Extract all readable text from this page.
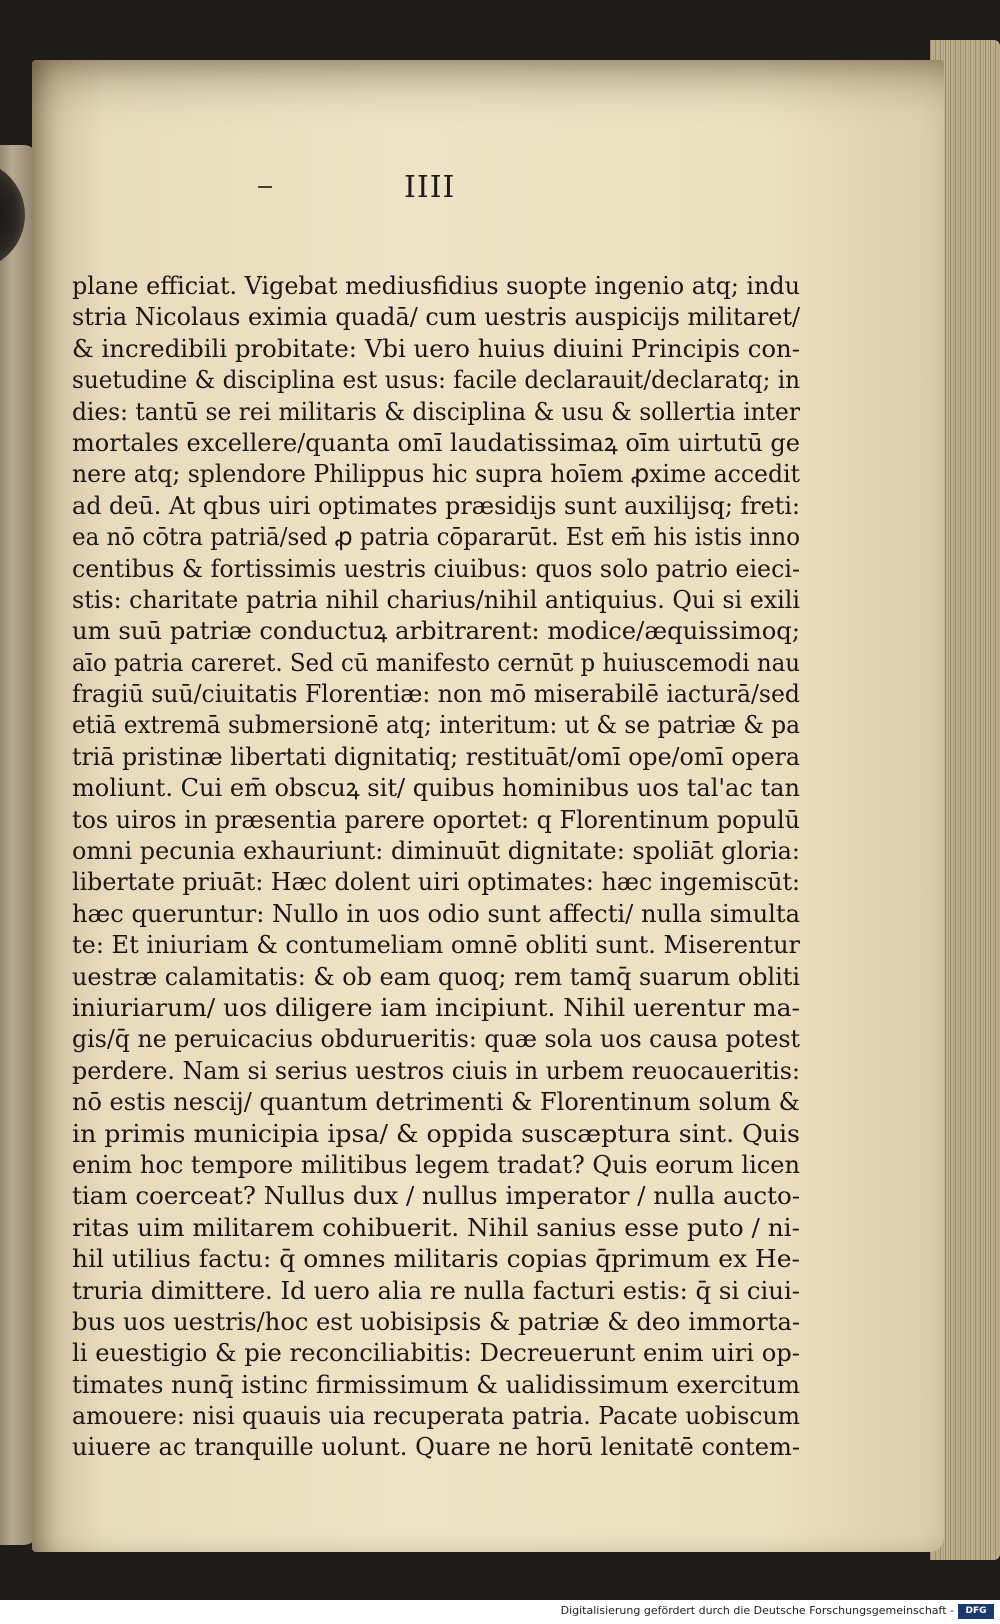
IIII
plane efficiat. Vigebat mediusfidius suopte ingenio atq; indu
stria Nicolaus eximia quadā/ cum uestris auspicijs militaret/
& incredibili probitate: Vbi uero huius diuini Principis con-
suetudine & disciplina est usus: facile declarauit/declaratq; in
dies: tantū se rei militaris & disciplina & usu & sollertia inter
mortales excellere/quanta omī laudatissimaꝝ oīm uirtutū ge
nere atq; splendore Philippus hic supra hoīem ꝓxime accedit
ad deū. At qbus uiri optimates præsidijs sunt auxilijsq; freti:
ea nō cōtra patriā/sed ꝓ patria cōpararūt. Est em̄ his istis inno
centibus & fortissimis uestris ciuibus: quos solo patrio eieci-
stis: charitate patria nihil charius/nihil antiquius. Qui si exili
um suū patriæ conductuꝝ arbitrarent: modice/æquissimoq;
aīo patria careret. Sed cū manifesto cernūt p huiuscemodi nau
fragiū suū/ciuitatis Florentiæ: non mō miserabilē iacturā/sed
etiā extremā submersionē atq; interitum: ut & se patriæ & pa
triā pristinæ libertati dignitatiq; restituāt/omī ope/omī opera
moliunt. Cui em̄ obscuꝝ sit/ quibus hominibus uos tal'ac tan
tos uiros in præsentia parere oportet: q Florentinum populū
omni pecunia exhauriunt: diminuūt dignitate: spoliāt gloria:
libertate priuāt: Hæc dolent uiri optimates: hæc ingemiscūt:
hæc queruntur: Nullo in uos odio sunt affecti/ nulla simulta
te: Et iniuriam & contumeliam omnē obliti sunt. Miserentur
uestræ calamitatis: & ob eam quoq; rem tamq̄ suarum obliti
iniuriarum/ uos diligere iam incipiunt. Nihil uerentur ma-
gis/q̄ ne peruicacius obdurueritis: quæ sola uos causa potest
perdere. Nam si serius uestros ciuis in urbem reuocaueritis:
nō estis nescij/ quantum detrimenti & Florentinum solum &
in primis municipia ipsa/ & oppida suscæptura sint. Quis
enim hoc tempore militibus legem tradat? Quis eorum licen
tiam coerceat? Nullus dux / nullus imperator / nulla aucto-
ritas uim militarem cohibuerit. Nihil sanius esse puto / ni-
hil utilius factu: q̄ omnes militaris copias q̄primum ex He-
truria dimittere. Id uero alia re nulla facturi estis: q̄ si ciui-
bus uos uestris/hoc est uobisipsis & patriæ & deo immorta-
li euestigio & pie reconciliabitis: Decreuerunt enim uiri op-
timates nunq̄ istinc firmissimum & ualidissimum exercitum
amouere: nisi quauis uia recuperata patria. Pacate uobiscum
uiuere ac tranquille uolunt. Quare ne horū lenitatē contem-
Digitalisierung gefördert durch die Deutsche Forschungsgemeinschaft -	DFG
